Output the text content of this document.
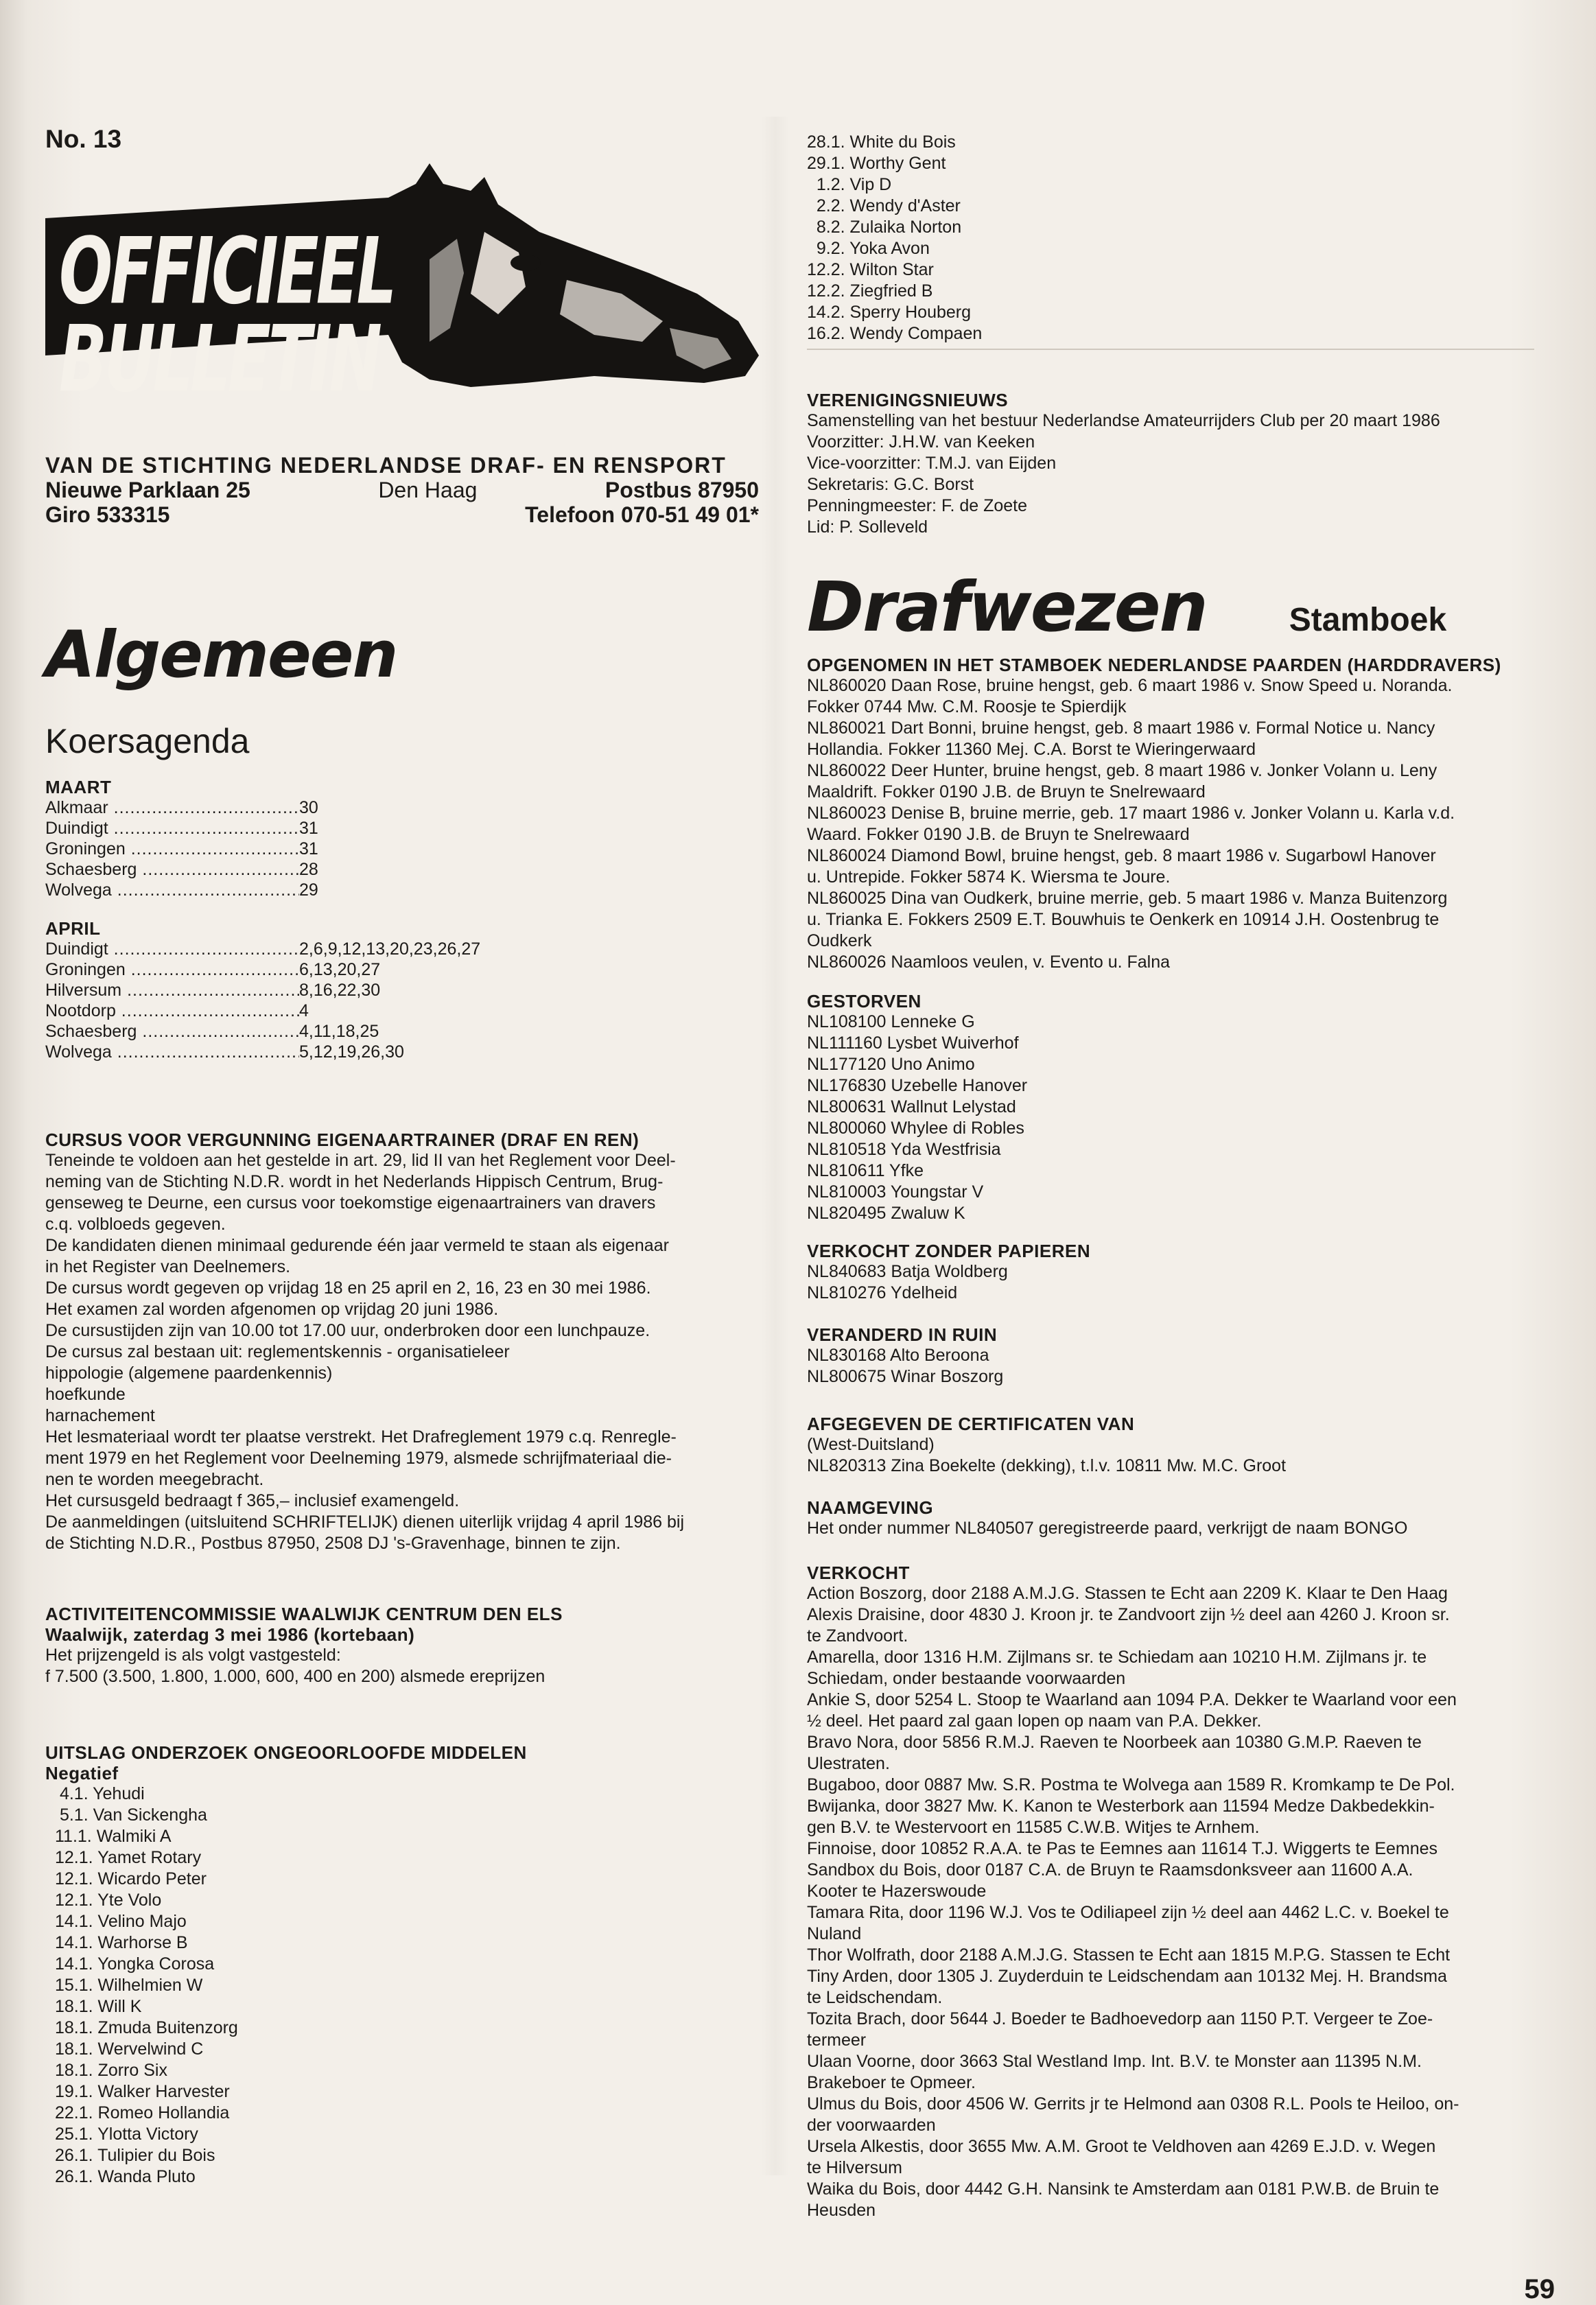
No. 13
OFFICIEEL
BULLETIN
VAN DE STICHTING NEDERLANDSE DRAF- EN RENSPORT
Nieuwe Parklaan 25	Den Haag	Postbus 87950
Giro 533315	Telefoon 070-51 49 01*
Algemeen
Koersagenda
MAART
Alkmaar .....	30
Duindigt .....	31
Groningen .....	31
Schaesberg .....	28
Wolvega .....	29
APRIL
Duindigt .....	2,6,9,12,13,20,23,26,27
Groningen .....	6,13,20,27
Hilversum .....	8,16,22,30
Nootdorp .....	4
Schaesberg .....	4,11,18,25
Wolvega .....	5,12,19,26,30
CURSUS VOOR VERGUNNING EIGENAARTRAINER (DRAF EN REN)
Teneinde te voldoen aan het gestelde in art. 29, lid II van het Reglement voor Deel-
neming van de Stichting N.D.R. wordt in het Nederlands Hippisch Centrum, Brug-
genseweg te Deurne, een cursus voor toekomstige eigenaartrainers van dravers
c.q. volbloeds gegeven.
De kandidaten dienen minimaal gedurende één jaar vermeld te staan als eigenaar
in het Register van Deelnemers.
De cursus wordt gegeven op vrijdag 18 en 25 april en 2, 16, 23 en 30 mei 1986.
Het examen zal worden afgenomen op vrijdag 20 juni 1986.
De cursustijden zijn van 10.00 tot 17.00 uur, onderbroken door een lunchpauze.
De cursus zal bestaan uit: reglementskennis - organisatieleer
hippologie (algemene paardenkennis)
hoefkunde
harnachement
Het lesmateriaal wordt ter plaatse verstrekt. Het Drafreglement 1979 c.q. Renregle-
ment 1979 en het Reglement voor Deelneming 1979, alsmede schrijfmateriaal die-
nen te worden meegebracht.
Het cursusgeld bedraagt f 365,– inclusief examengeld.
De aanmeldingen (uitsluitend SCHRIFTELIJK) dienen uiterlijk vrijdag 4 april 1986 bij
de Stichting N.D.R., Postbus 87950, 2508 DJ 's-Gravenhage, binnen te zijn.
ACTIVITEITENCOMMISSIE WAALWIJK CENTRUM DEN ELS
Waalwijk, zaterdag 3 mei 1986 (kortebaan)
Het prijzengeld is als volgt vastgesteld:
f 7.500 (3.500, 1.800, 1.000, 600, 400 en 200) alsmede ereprijzen
UITSLAG ONDERZOEK ONGEOORLOOFDE MIDDELEN
Negatief
4.1. Yehudi
5.1. Van Sickengha
11.1. Walmiki A
12.1. Yamet Rotary
12.1. Wicardo Peter
12.1. Yte Volo
14.1. Velino Majo
14.1. Warhorse B
14.1. Yongka Corosa
15.1. Wilhelmien W
18.1. Will K
18.1. Zmuda Buitenzorg
18.1. Wervelwind C
18.1. Zorro Six
19.1. Walker Harvester
22.1. Romeo Hollandia
25.1. Ylotta Victory
26.1. Tulipier du Bois
26.1. Wanda Pluto
28.1. White du Bois
29.1. Worthy Gent
1.2. Vip D
2.2. Wendy d'Aster
8.2. Zulaika Norton
9.2. Yoka Avon
12.2. Wilton Star
12.2. Ziegfried B
14.2. Sperry Houberg
16.2. Wendy Compaen
VERENIGINGSNIEUWS
Samenstelling van het bestuur Nederlandse Amateurrijders Club per 20 maart 1986
Voorzitter: J.H.W. van Keeken
Vice-voorzitter: T.M.J. van Eijden
Sekretaris: G.C. Borst
Penningmeester: F. de Zoete
Lid: P. Solleveld
Drafwezen	Stamboek
OPGENOMEN IN HET STAMBOEK NEDERLANDSE PAARDEN (HARDDRAVERS)
NL860020 Daan Rose, bruine hengst, geb. 6 maart 1986 v. Snow Speed u. Noranda.
Fokker 0744 Mw. C.M. Roosje te Spierdijk
NL860021 Dart Bonni, bruine hengst, geb. 8 maart 1986 v. Formal Notice u. Nancy
Hollandia. Fokker 11360 Mej. C.A. Borst te Wieringerwaard
NL860022 Deer Hunter, bruine hengst, geb. 8 maart 1986 v. Jonker Volann u. Leny
Maaldrift. Fokker 0190 J.B. de Bruyn te Snelrewaard
NL860023 Denise B, bruine merrie, geb. 17 maart 1986 v. Jonker Volann u. Karla v.d.
Waard. Fokker 0190 J.B. de Bruyn te Snelrewaard
NL860024 Diamond Bowl, bruine hengst, geb. 8 maart 1986 v. Sugarbowl Hanover
u. Untrepide. Fokker 5874 K. Wiersma te Joure.
NL860025 Dina van Oudkerk, bruine merrie, geb. 5 maart 1986 v. Manza Buitenzorg
u. Trianka E. Fokkers 2509 E.T. Bouwhuis te Oenkerk en 10914 J.H. Oostenbrug te
Oudkerk
NL860026 Naamloos veulen, v. Evento u. Falna
GESTORVEN
NL108100 Lenneke G
NL111160 Lysbet Wuiverhof
NL177120 Uno Animo
NL176830 Uzebelle Hanover
NL800631 Wallnut Lelystad
NL800060 Whylee di Robles
NL810518 Yda Westfrisia
NL810611 Yfke
NL810003 Youngstar V
NL820495 Zwaluw K
VERKOCHT ZONDER PAPIEREN
NL840683 Batja Woldberg
NL810276 Ydelheid
VERANDERD IN RUIN
NL830168 Alto Beroona
NL800675 Winar Boszorg
AFGEGEVEN DE CERTIFICATEN VAN
(West-Duitsland)
NL820313 Zina Boekelte (dekking), t.l.v. 10811 Mw. M.C. Groot
NAAMGEVING
Het onder nummer NL840507 geregistreerde paard, verkrijgt de naam BONGO
VERKOCHT
Action Boszorg, door 2188 A.M.J.G. Stassen te Echt aan 2209 K. Klaar te Den Haag
Alexis Draisine, door 4830 J. Kroon jr. te Zandvoort zijn ½ deel aan 4260 J. Kroon sr.
te Zandvoort.
Amarella, door 1316 H.M. Zijlmans sr. te Schiedam aan 10210 H.M. Zijlmans jr. te
Schiedam, onder bestaande voorwaarden
Ankie S, door 5254 L. Stoop te Waarland aan 1094 P.A. Dekker te Waarland voor een
½ deel. Het paard zal gaan lopen op naam van P.A. Dekker.
Bravo Nora, door 5856 R.M.J. Raeven te Noorbeek aan 10380 G.M.P. Raeven te
Ulestraten.
Bugaboo, door 0887 Mw. S.R. Postma te Wolvega aan 1589 R. Kromkamp te De Pol.
Bwijanka, door 3827 Mw. K. Kanon te Westerbork aan 11594 Medze Dakbedekkin-
gen B.V. te Westervoort en 11585 C.W.B. Witjes te Arnhem.
Finnoise, door 10852 R.A.A. te Pas te Eemnes aan 11614 T.J. Wiggerts te Eemnes
Sandbox du Bois, door 0187 C.A. de Bruyn te Raamsdonksveer aan 11600 A.A.
Kooter te Hazerswoude
Tamara Rita, door 1196 W.J. Vos te Odiliapeel zijn ½ deel aan 4462 L.C. v. Boekel te
Nuland
Thor Wolfrath, door 2188 A.M.J.G. Stassen te Echt aan 1815 M.P.G. Stassen te Echt
Tiny Arden, door 1305 J. Zuyderduin te Leidschendam aan 10132 Mej. H. Brandsma
te Leidschendam.
Tozita Brach, door 5644 J. Boeder te Badhoevedorp aan 1150 P.T. Vergeer te Zoe-
termeer
Ulaan Voorne, door 3663 Stal Westland Imp. Int. B.V. te Monster aan 11395 N.M.
Brakeboer te Opmeer.
Ulmus du Bois, door 4506 W. Gerrits jr te Helmond aan 0308 R.L. Pools te Heiloo, on-
der voorwaarden
Ursela Alkestis, door 3655 Mw. A.M. Groot te Veldhoven aan 4269 E.J.D. v. Wegen
te Hilversum
Waika du Bois, door 4442 G.H. Nansink te Amsterdam aan 0181 P.W.B. de Bruin te
Heusden
59
